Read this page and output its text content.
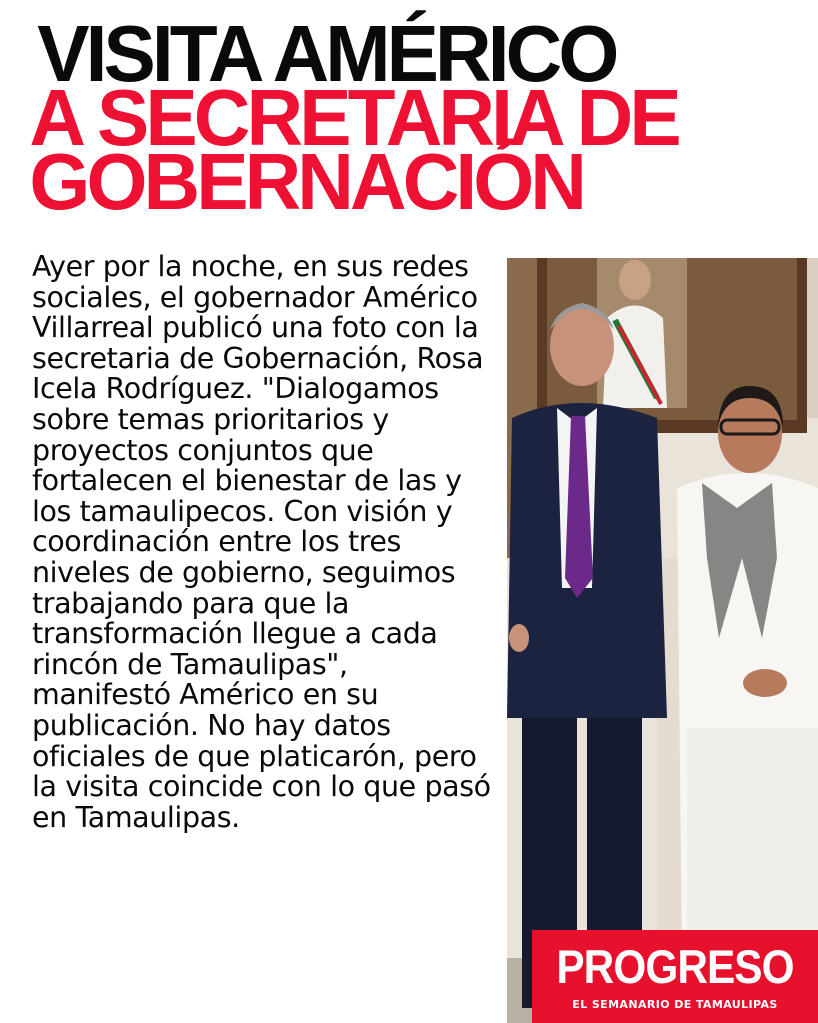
VISITA AMÉRICO
A SECRETARIA DE
GOBERNACIÓN
Ayer por la noche, en sus redes sociales, el gobernador Américo Villarreal publicó una foto con la secretaria de Gobernación, Rosa Icela Rodríguez. "Dialogamos sobre temas prioritarios y proyectos conjuntos que fortalecen el bienestar de las y los tamaulipecos. Con visión y coordinación entre los tres niveles de gobierno, seguimos trabajando para que la transformación llegue a cada rincón de Tamaulipas", manifestó Américo en su publicación. No hay datos oficiales de que platicarón, pero la visita coincide con lo que pasó en Tamaulipas.
PROGRESO
EL SEMANARIO DE TAMAULIPAS
